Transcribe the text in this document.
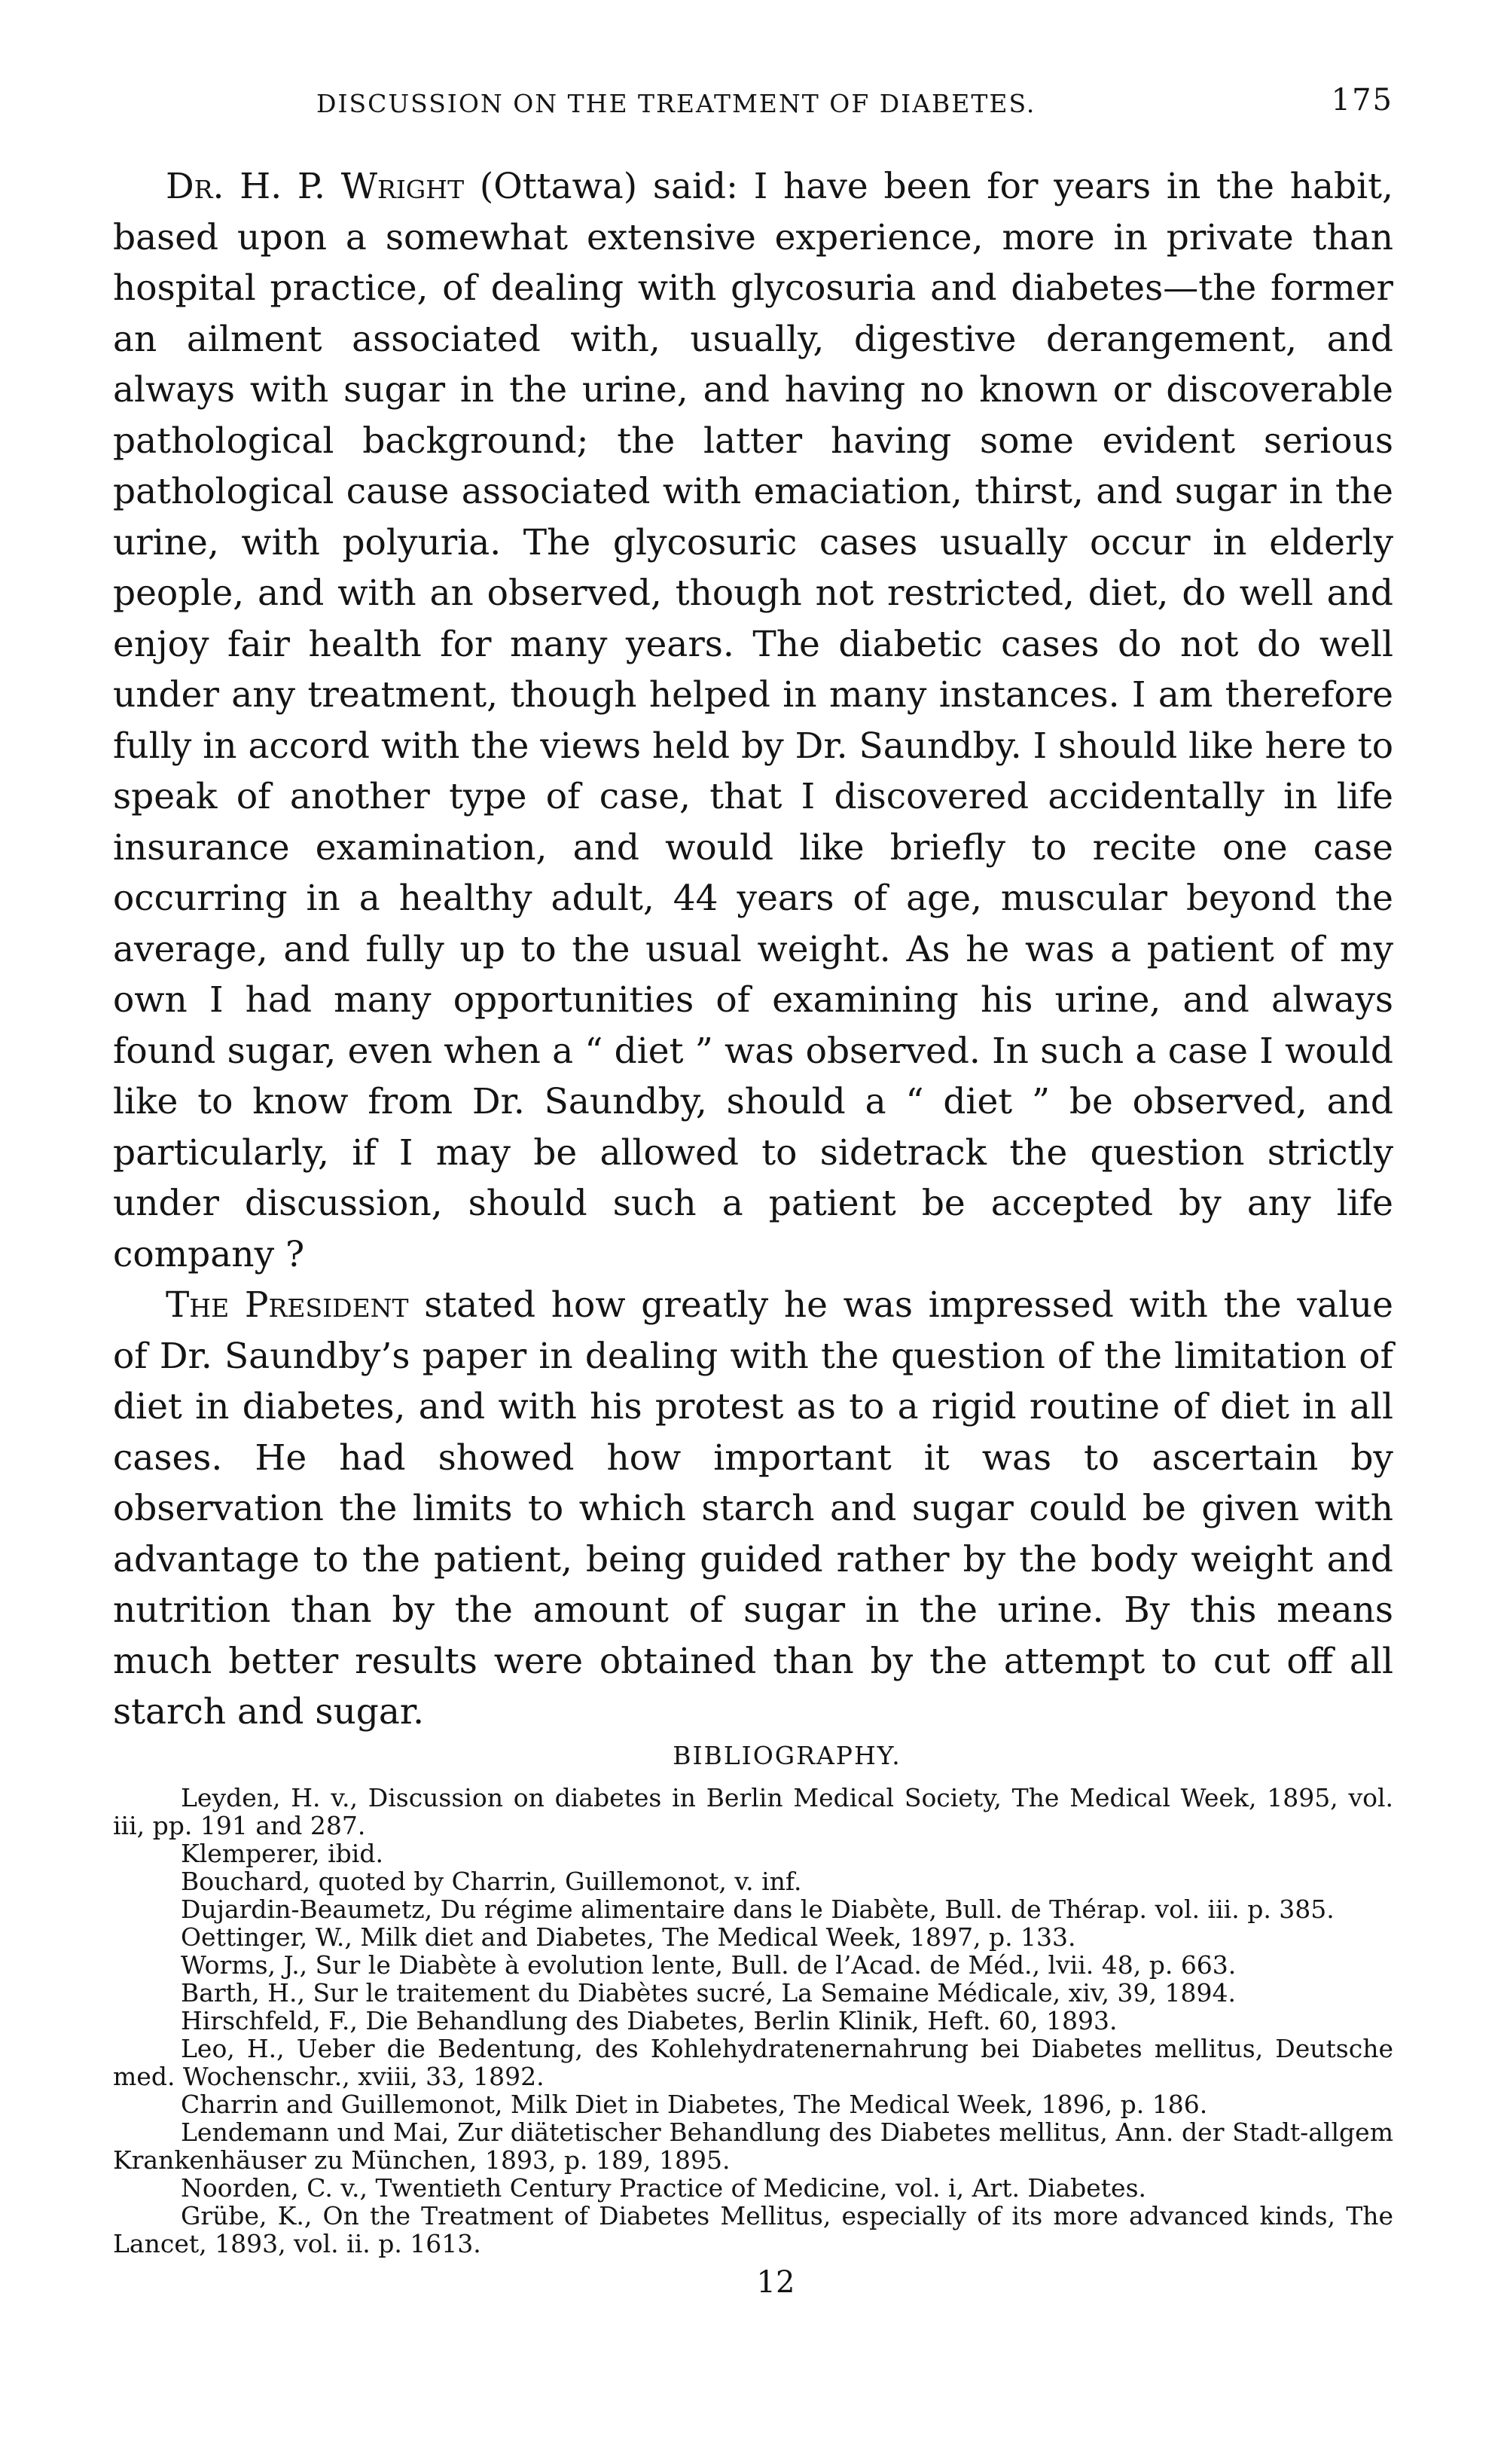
DISCUSSION ON THE TREATMENT OF DIABETES.	175

Dr. H. P. Wright (Ottawa) said: I have been for years in the habit, based upon a somewhat extensive experience, more in private than hospital practice, of dealing with glycosuria and diabetes—the former an ailment associated with, usually, digestive derangement, and always with sugar in the urine, and having no known or discoverable pathological background; the latter having some evident serious pathological cause associated with emaciation, thirst, and sugar in the urine, with polyuria. The glycosuric cases usually occur in elderly people, and with an observed, though not restricted, diet, do well and enjoy fair health for many years. The diabetic cases do not do well under any treatment, though helped in many instances. I am therefore fully in accord with the views held by Dr. Saundby. I should like here to speak of another type of case, that I discovered accidentally in life insurance examination, and would like briefly to recite one case occurring in a healthy adult, 44 years of age, muscular beyond the average, and fully up to the usual weight. As he was a patient of my own I had many opportunities of examining his urine, and always found sugar, even when a “ diet ” was observed. In such a case I would like to know from Dr. Saundby, should a “ diet ” be observed, and particularly, if I may be allowed to sidetrack the question strictly under discussion, should such a patient be accepted by any life company ?

The President stated how greatly he was impressed with the value of Dr. Saundby’s paper in dealing with the question of the limitation of diet in diabetes, and with his protest as to a rigid routine of diet in all cases. He had showed how important it was to ascertain by observation the limits to which starch and sugar could be given with advantage to the patient, being guided rather by the body weight and nutrition than by the amount of sugar in the urine. By this means much better results were obtained than by the attempt to cut off all starch and sugar.

BIBLIOGRAPHY.
Leyden, H. v., Discussion on diabetes in Berlin Medical Society, The Medical Week, 1895, vol. iii, pp. 191 and 287.
Klemperer, ibid.
Bouchard, quoted by Charrin, Guillemonot, v. inf.
Dujardin-Beaumetz, Du régime alimentaire dans le Diabète, Bull. de Thérap. vol. iii. p. 385.
Oettinger, W., Milk diet and Diabetes, The Medical Week, 1897, p. 133.
Worms, J., Sur le Diabète à evolution lente, Bull. de l’Acad. de Méd., lvii. 48, p. 663.
Barth, H., Sur le traitement du Diabètes sucré, La Semaine Médicale, xiv, 39, 1894.
Hirschfeld, F., Die Behandlung des Diabetes, Berlin Klinik, Heft. 60, 1893.
Leo, H., Ueber die Bedentung, des Kohlehydratenernahrung bei Diabetes mellitus, Deutsche med. Wochenschr., xviii, 33, 1892.
Charrin and Guillemonot, Milk Diet in Diabetes, The Medical Week, 1896, p. 186.
Lendemann und Mai, Zur diätetischer Behandlung des Diabetes mellitus, Ann. der Stadt-allgem Krankenhäuser zu München, 1893, p. 189, 1895.
Noorden, C. v., Twentieth Century Practice of Medicine, vol. i, Art. Diabetes.
Grübe, K., On the Treatment of Diabetes Mellitus, especially of its more advanced kinds, The Lancet, 1893, vol. ii. p. 1613.
12
